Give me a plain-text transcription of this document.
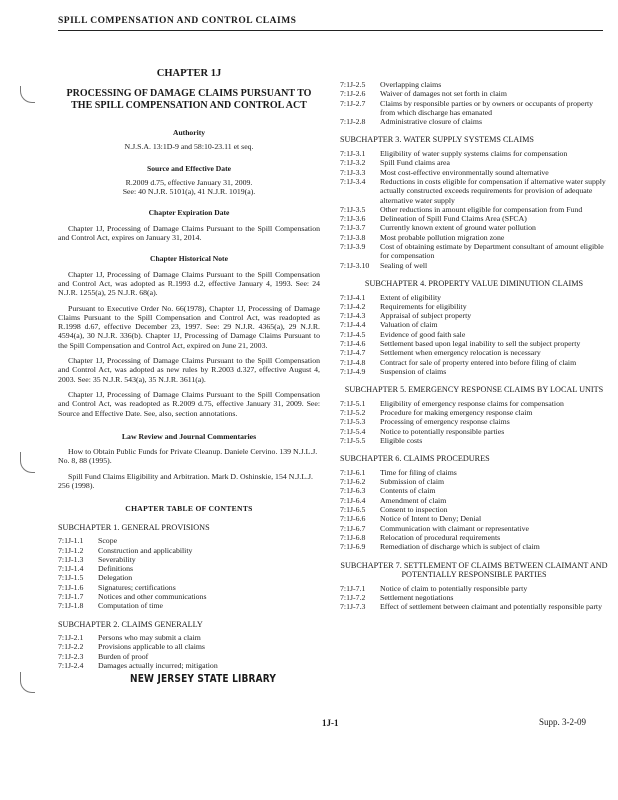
SPILL COMPENSATION AND CONTROL CLAIMS
CHAPTER 1J
PROCESSING OF DAMAGE CLAIMS PURSUANT TO THE SPILL COMPENSATION AND CONTROL ACT
Authority
N.J.S.A. 13:1D-9 and 58:10-23.11 et seq.
Source and Effective Date
R.2009 d.75, effective January 31, 2009.
See: 40 N.J.R. 5101(a), 41 N.J.R. 1019(a).
Chapter Expiration Date
Chapter 1J, Processing of Damage Claims Pursuant to the Spill Compensation and Control Act, expires on January 31, 2014.
Chapter Historical Note
Chapter 1J, Processing of Damage Claims Pursuant to the Spill Compensation and Control Act, was adopted as R.1993 d.2, effective January 4, 1993. See: 24 N.J.R. 1255(a), 25 N.J.R. 68(a).
Pursuant to Executive Order No. 66(1978), Chapter 1J, Processing of Damage Claims Pursuant to the Spill Compensation and Control Act, was readopted as R.1998 d.67, effective December 23, 1997. See: 29 N.J.R. 4365(a), 29 N.J.R. 4594(a), 30 N.J.R. 336(b). Chapter 1J, Processing of Damage Claims Pursuant to the Spill Compensation and Control Act, expired on June 21, 2003.
Chapter 1J, Processing of Damage Claims Pursuant to the Spill Compensation and Control Act, was adopted as new rules by R.2003 d.327, effective August 4, 2003. See: 35 N.J.R. 543(a), 35 N.J.R. 3611(a).
Chapter 1J, Processing of Damage Claims Pursuant to the Spill Compensation and Control Act, was readopted as R.2009 d.75, effective January 31, 2009. See: Source and Effective Date. See, also, section annotations.
Law Review and Journal Commentaries
How to Obtain Public Funds for Private Cleanup. Daniele Cervino. 139 N.J.L.J. No. 8, 88 (1995).
Spill Fund Claims Eligibility and Arbitration. Mark D. Oshinskie, 154 N.J.L.J. 256 (1998).
CHAPTER TABLE OF CONTENTS
SUBCHAPTER 1. GENERAL PROVISIONS
7:1J-1.1	Scope
7:1J-1.2	Construction and applicability
7:1J-1.3	Severability
7:1J-1.4	Definitions
7:1J-1.5	Delegation
7:1J-1.6	Signatures; certifications
7:1J-1.7	Notices and other communications
7:1J-1.8	Computation of time
SUBCHAPTER 2. CLAIMS GENERALLY
7:1J-2.1	Persons who may submit a claim
7:1J-2.2	Provisions applicable to all claims
7:1J-2.3	Burden of proof
7:1J-2.4	Damages actually incurred; mitigation
7:1J-2.5	Overlapping claims
7:1J-2.6	Waiver of damages not set forth in claim
7:1J-2.7	Claims by responsible parties or by owners or occupants of property from which discharge has emanated
7:1J-2.8	Administrative closure of claims
SUBCHAPTER 3. WATER SUPPLY SYSTEMS CLAIMS
7:1J-3.1	Eligibility of water supply systems claims for compensation
7:1J-3.2	Spill Fund claims area
7:1J-3.3	Most cost-effective environmentally sound alternative
7:1J-3.4	Reductions in costs eligible for compensation if alternative water supply actually constructed exceeds requirements for provision of adequate alternative water supply
7:1J-3.5	Other reductions in amount eligible for compensation from Fund
7:1J-3.6	Delineation of Spill Fund Claims Area (SFCA)
7:1J-3.7	Currently known extent of ground water pollution
7:1J-3.8	Most probable pollution migration zone
7:1J-3.9	Cost of obtaining estimate by Department consultant of amount eligible for compensation
7:1J-3.10	Sealing of well
SUBCHAPTER 4. PROPERTY VALUE DIMINUTION CLAIMS
7:1J-4.1	Extent of eligibility
7:1J-4.2	Requirements for eligibility
7:1J-4.3	Appraisal of subject property
7:1J-4.4	Valuation of claim
7:1J-4.5	Evidence of good faith sale
7:1J-4.6	Settlement based upon legal inability to sell the subject property
7:1J-4.7	Settlement when emergency relocation is necessary
7:1J-4.8	Contract for sale of property entered into before filing of claim
7:1J-4.9	Suspension of claims
SUBCHAPTER 5. EMERGENCY RESPONSE CLAIMS BY LOCAL UNITS
7:1J-5.1	Eligibility of emergency response claims for compensation
7:1J-5.2	Procedure for making emergency response claim
7:1J-5.3	Processing of emergency response claims
7:1J-5.4	Notice to potentially responsible parties
7:1J-5.5	Eligible costs
SUBCHAPTER 6. CLAIMS PROCEDURES
7:1J-6.1	Time for filing of claims
7:1J-6.2	Submission of claim
7:1J-6.3	Contents of claim
7:1J-6.4	Amendment of claim
7:1J-6.5	Consent to inspection
7:1J-6.6	Notice of Intent to Deny; Denial
7:1J-6.7	Communication with claimant or representative
7:1J-6.8	Relocation of procedural requirements
7:1J-6.9	Remediation of discharge which is subject of claim
SUBCHAPTER 7. SETTLEMENT OF CLAIMS BETWEEN CLAIMANT AND POTENTIALLY RESPONSIBLE PARTIES
7:1J-7.1	Notice of claim to potentially responsible party
7:1J-7.2	Settlement negotiations
7:1J-7.3	Effect of settlement between claimant and potentially responsible party
NEW JERSEY STATE LIBRARY
1J-1	Supp. 3-2-09
